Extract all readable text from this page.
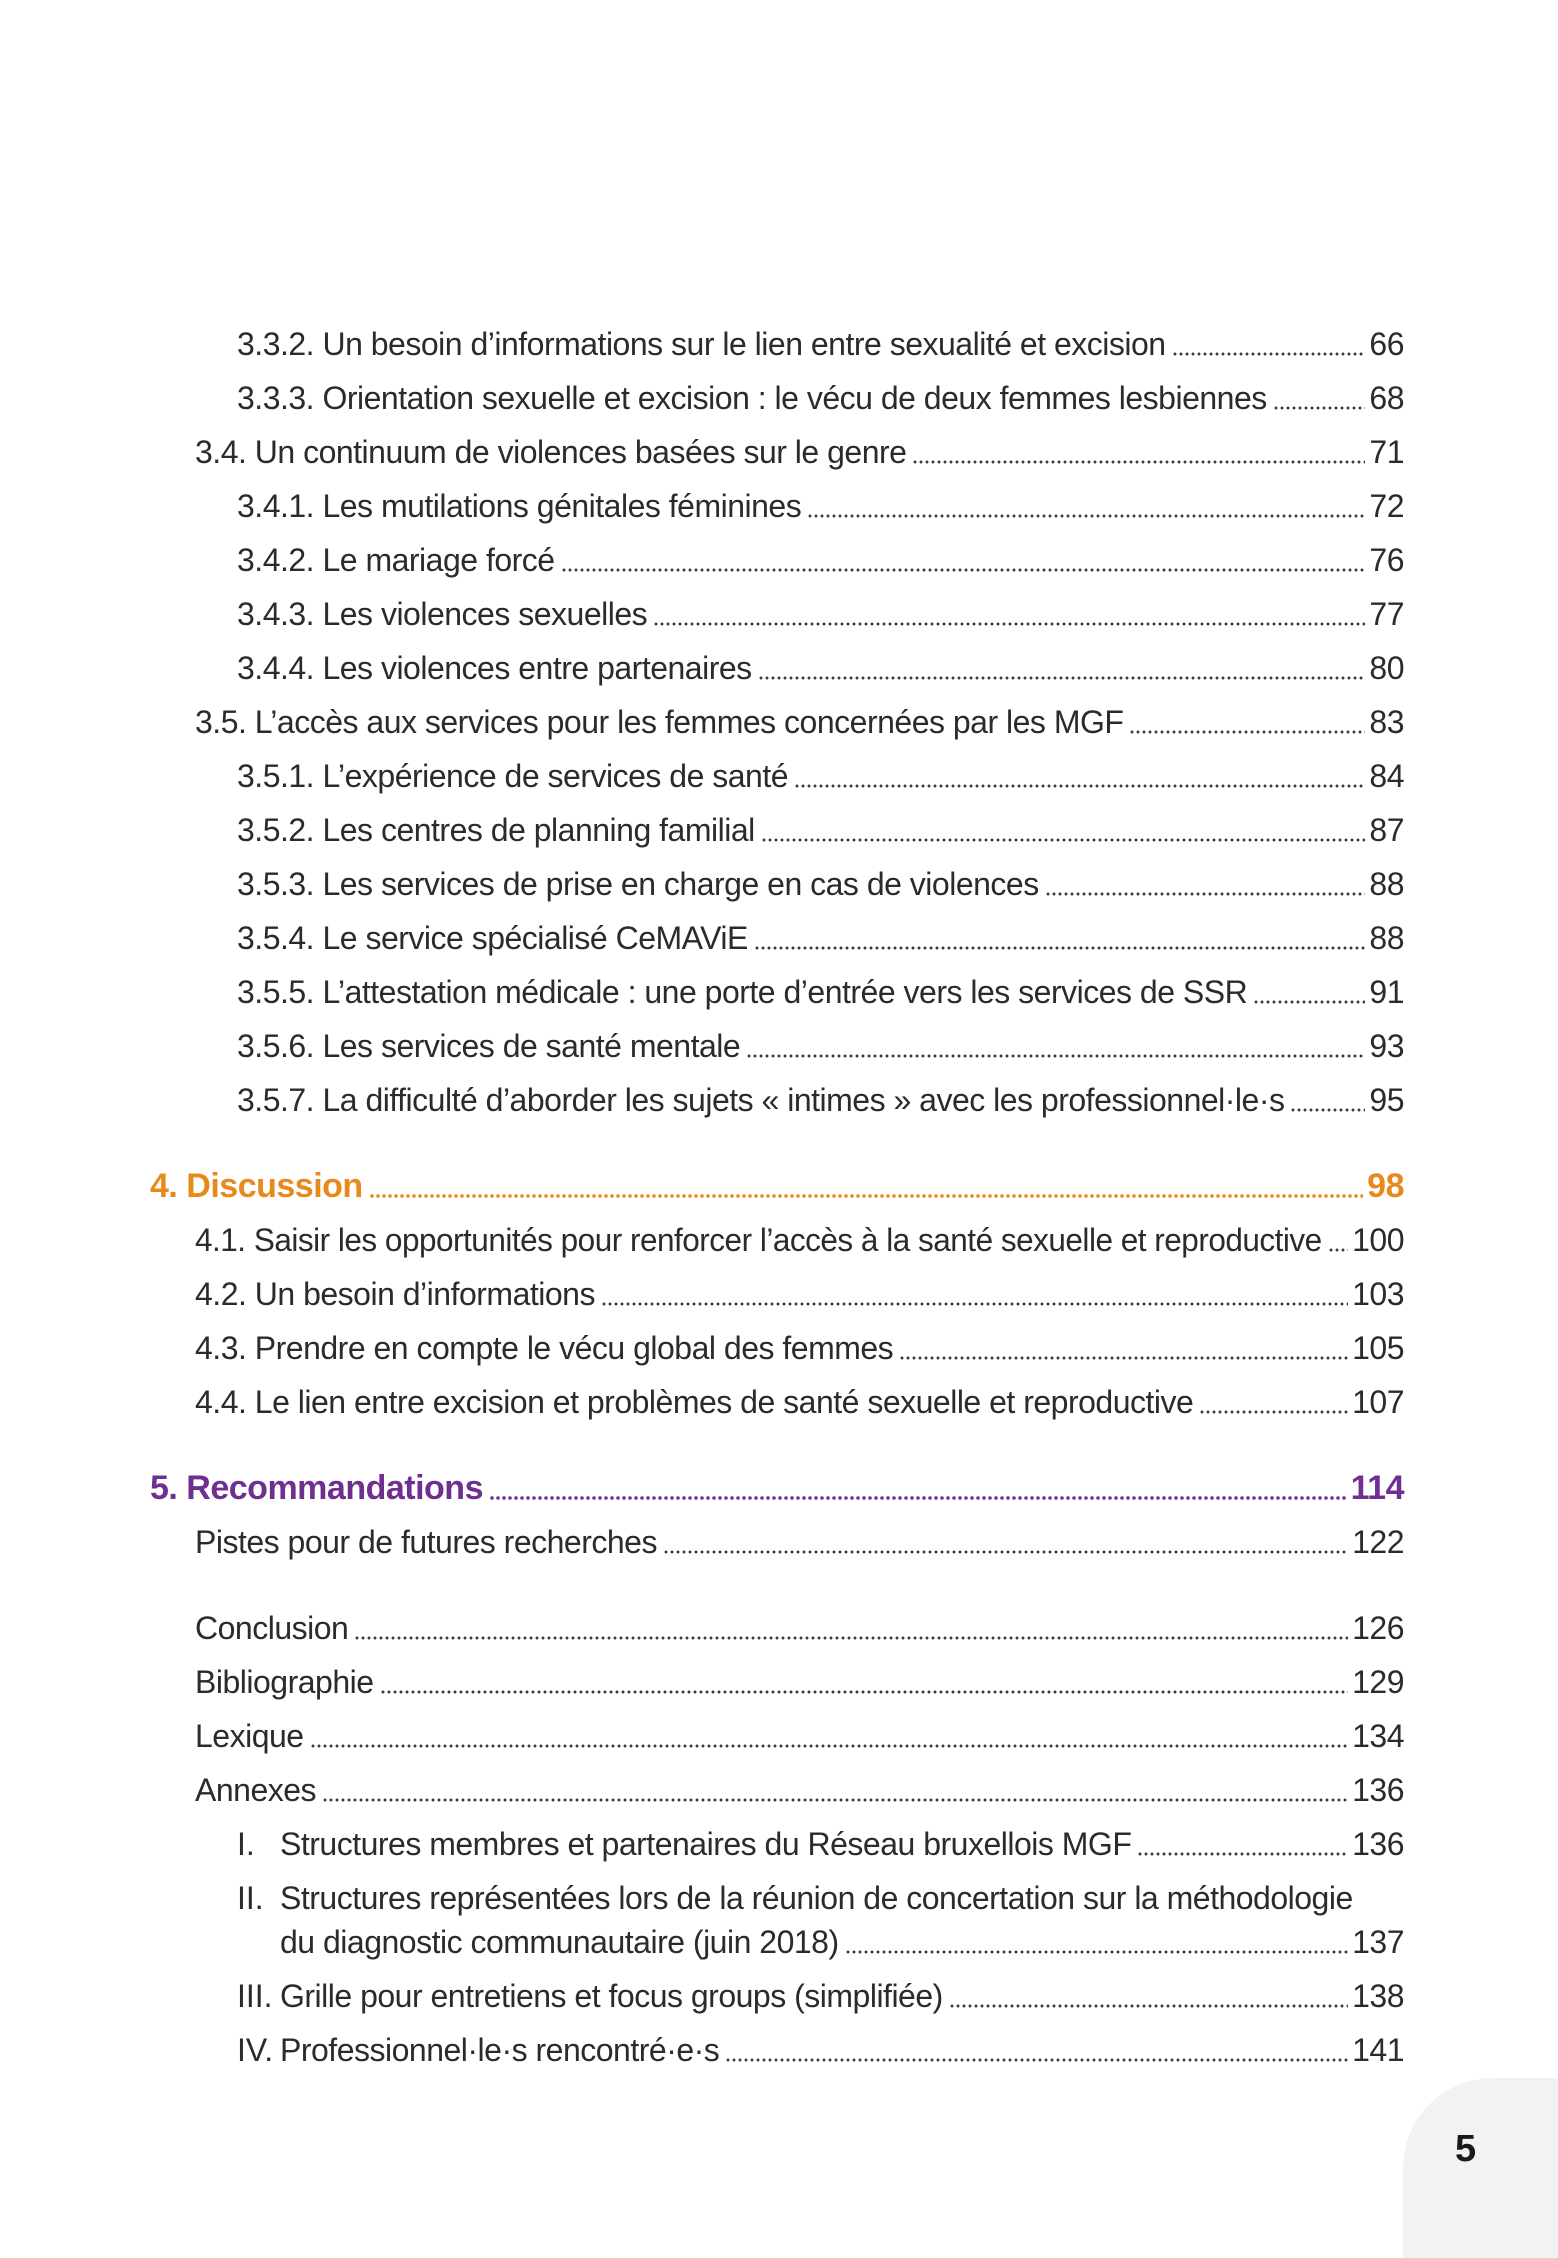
3.3.2. Un besoin d’informations sur le lien entre sexualité et excision	66
3.3.3. Orientation sexuelle et excision : le vécu de deux femmes lesbiennes	68
3.4. Un continuum de violences basées sur le genre	71
3.4.1. Les mutilations génitales féminines	72
3.4.2. Le mariage forcé	76
3.4.3. Les violences sexuelles	77
3.4.4. Les violences entre partenaires	80
3.5. L’accès aux services pour les femmes concernées par les MGF	83
3.5.1. L’expérience de services de santé	84
3.5.2. Les centres de planning familial	87
3.5.3. Les services de prise en charge en cas de violences	88
3.5.4. Le service spécialisé CeMAViE	88
3.5.5. L’attestation médicale : une porte d’entrée vers les services de SSR	91
3.5.6. Les services de santé mentale	93
3.5.7. La difficulté d’aborder les sujets « intimes » avec les professionnel·le·s	95
4. Discussion	98
4.1. Saisir les opportunités pour renforcer l’accès à la santé sexuelle et reproductive 100
4.2. Un besoin d’informations	103
4.3. Prendre en compte le vécu global des femmes	105
4.4. Le lien entre excision et problèmes de santé sexuelle et reproductive	107
5. Recommandations	114
Pistes pour de futures recherches	122
Conclusion	126
Bibliographie	129
Lexique	134
Annexes	136
I. Structures membres et partenaires du Réseau bruxellois MGF	136
II. Structures représentées lors de la réunion de concertation sur la méthodologie
du diagnostic communautaire (juin 2018)	137
III. Grille pour entretiens et focus groups (simplifiée)	138
IV. Professionnel·le·s rencontré·e·s	141
5
